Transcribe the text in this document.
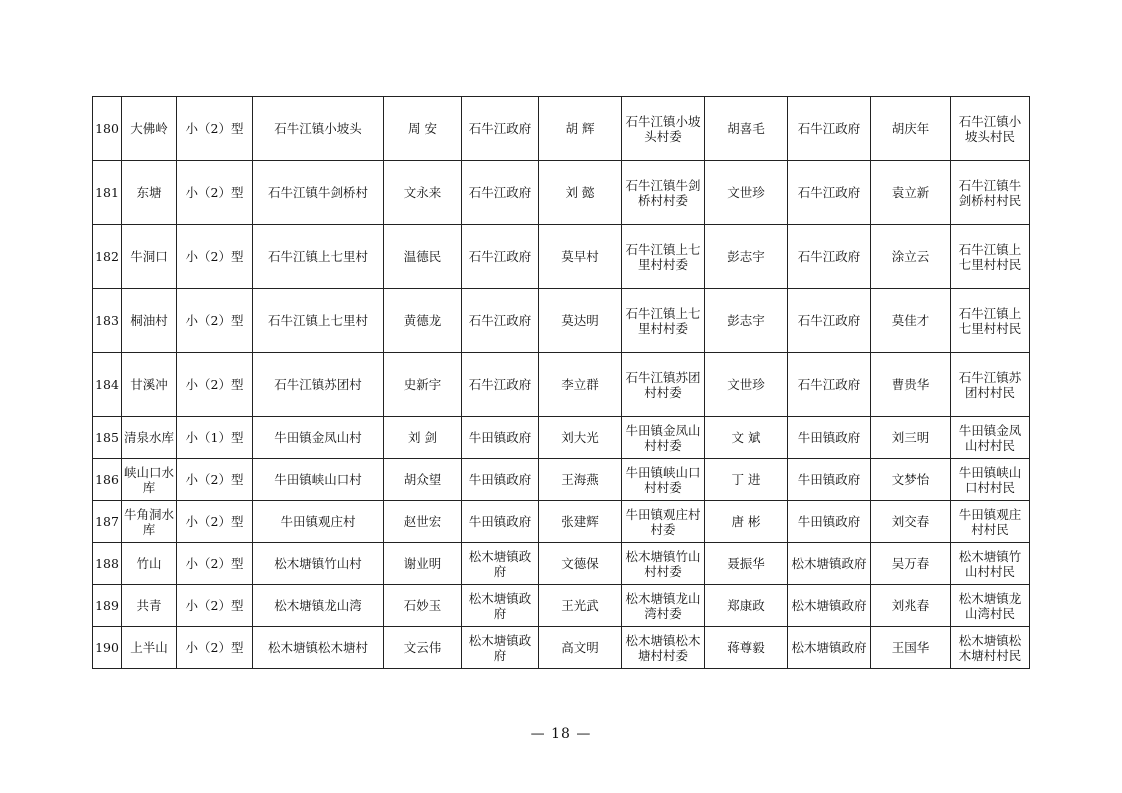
180	大佛岭	小（2）型	石牛江镇小坡头	周 安	石牛江政府	胡 辉	石牛江镇小坡头村委	胡喜毛	石牛江政府	胡庆年	石牛江镇小坡头村民
181	东塘	小（2）型	石牛江镇牛剑桥村	文永来	石牛江政府	刘 懿	石牛江镇牛剑桥村村委	文世珍	石牛江政府	袁立新	石牛江镇牛剑桥村村民
182	牛洞口	小（2）型	石牛江镇上七里村	温德民	石牛江政府	莫早村	石牛江镇上七里村村委	彭志宇	石牛江政府	涂立云	石牛江镇上七里村村民
183	桐油村	小（2）型	石牛江镇上七里村	黄德龙	石牛江政府	莫达明	石牛江镇上七里村村委	彭志宇	石牛江政府	莫佳才	石牛江镇上七里村村民
184	甘溪冲	小（2）型	石牛江镇苏团村	史新宇	石牛江政府	李立群	石牛江镇苏团村村委	文世珍	石牛江政府	曹贵华	石牛江镇苏团村村民
185	清泉水库	小（1）型	牛田镇金凤山村	刘 剑	牛田镇政府	刘大光	牛田镇金凤山村村委	文 斌	牛田镇政府	刘三明	牛田镇金凤山村村民
186	峡山口水库	小（2）型	牛田镇峡山口村	胡众望	牛田镇政府	王海燕	牛田镇峡山口村村委	丁 进	牛田镇政府	文梦怡	牛田镇峡山口村村民
187	牛角洞水库	小（2）型	牛田镇观庄村	赵世宏	牛田镇政府	张建辉	牛田镇观庄村村委	唐 彬	牛田镇政府	刘交春	牛田镇观庄村村民
188	竹山	小（2）型	松木塘镇竹山村	谢业明	松木塘镇政府	文德保	松木塘镇竹山村村委	聂振华	松木塘镇政府	吴万春	松木塘镇竹山村村民
189	共青	小（2）型	松木塘镇龙山湾	石妙玉	松木塘镇政府	王光武	松木塘镇龙山湾村委	郑康政	松木塘镇政府	刘兆春	松木塘镇龙山湾村民
190	上半山	小（2）型	松木塘镇松木塘村	文云伟	松木塘镇政府	高文明	松木塘镇松木塘村村委	蒋尊毅	松木塘镇政府	王国华	松木塘镇松木塘村村民
— 18 —
